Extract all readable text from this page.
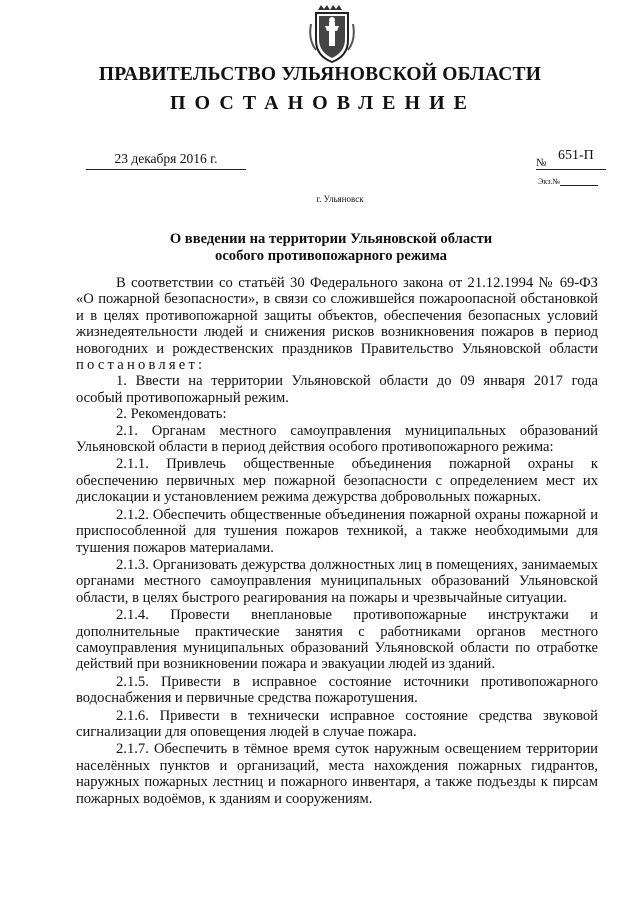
ПРАВИТЕЛЬСТВО УЛЬЯНОВСКОЙ ОБЛАСТИ
ПОСТАНОВЛЕНИЕ
23 декабря 2016 г.	№ 651-П
Экз.№
г. Ульяновск
О введении на территории Ульяновской области
особого противопожарного режима

В соответствии со статьёй 30 Федерального закона от 21.12.1994 № 69-ФЗ «О пожарной безопасности», в связи со сложившейся пожароопасной обстановкой и в целях противопожарной защиты объектов, обеспечения безопасных условий жизнедеятельности людей и снижения рисков возникновения пожаров в период новогодних и рождественских праздников Правительство Ульяновской области постановляет:

1. Ввести на территории Ульяновской области до 09 января 2017 года особый противопожарный режим.

2. Рекомендовать:

2.1. Органам местного самоуправления муниципальных образований Ульяновской области в период действия особого противопожарного режима:

2.1.1. Привлечь общественные объединения пожарной охраны к обеспечению первичных мер пожарной безопасности с определением мест их дислокации и установлением режима дежурства добровольных пожарных.

2.1.2. Обеспечить общественные объединения пожарной охраны пожарной и приспособленной для тушения пожаров техникой, а также необходимыми для тушения пожаров материалами.

2.1.3. Организовать дежурства должностных лиц в помещениях, занимаемых органами местного самоуправления муниципальных образований Ульяновской области, в целях быстрого реагирования на пожары и чрезвычайные ситуации.

2.1.4. Провести внеплановые противопожарные инструктажи и дополнительные практические занятия с работниками органов местного самоуправления муниципальных образований Ульяновской области по отработке действий при возникновении пожара и эвакуации людей из зданий.

2.1.5. Привести в исправное состояние источники противопожарного водоснабжения и первичные средства пожаротушения.

2.1.6. Привести в технически исправное состояние средства звуковой сигнализации для оповещения людей в случае пожара.

2.1.7. Обеспечить в тёмное время суток наружным освещением территории населённых пунктов и организаций, места нахождения пожарных гидрантов, наружных пожарных лестниц и пожарного инвентаря, а также подъезды к пирсам пожарных водоёмов, к зданиям и сооружениям.
